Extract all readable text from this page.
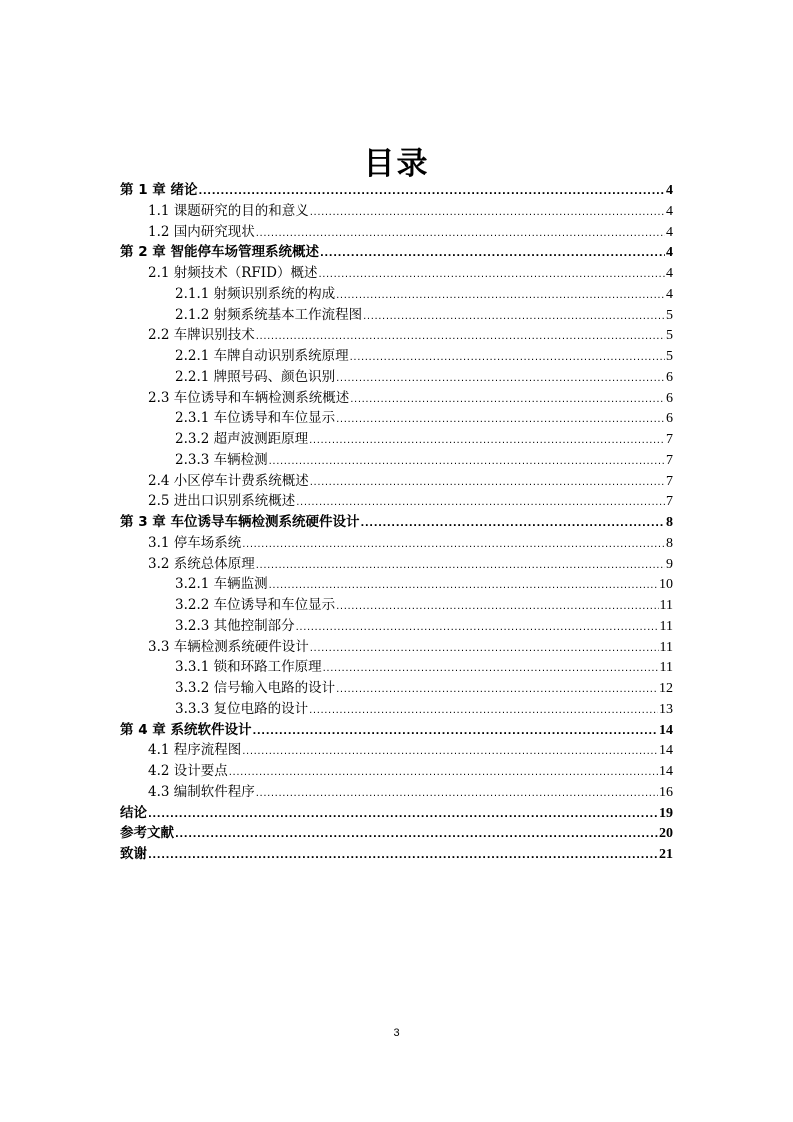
目录
第 1 章 绪论 .....	4
1.1 课题研究的目的和意义 .....	4
1.2 国内研究现状 .....	4
第 2 章 智能停车场管理系统概述 .....	4
2.1 射频技术（RFID）概述 .....	4
2.1.1 射频识别系统的构成 .....	4
2.1.2 射频系统基本工作流程图 .....	5
2.2 车牌识别技术 .....	5
2.2.1 车牌自动识别系统原理 .....	5
2.2.1 牌照号码、颜色识别 .....	6
2.3 车位诱导和车辆检测系统概述 .....	6
2.3.1 车位诱导和车位显示 .....	6
2.3.2 超声波测距原理 .....	7
2.3.3 车辆检测 .....	7
2.4 小区停车计费系统概述 .....	7
2.5 进出口识别系统概述 .....	7
第 3 章 车位诱导车辆检测系统硬件设计 .....	8
3.1 停车场系统 .....	8
3.2 系统总体原理 .....	9
3.2.1 车辆监测 .....	10
3.2.2 车位诱导和车位显示 .....	11
3.2.3 其他控制部分 .....	11
3.3 车辆检测系统硬件设计 .....	11
3.3.1 锁和环路工作原理 .....	11
3.3.2 信号输入电路的设计 .....	12
3.3.3 复位电路的设计 .....	13
第 4 章 系统软件设计 .....	14
4.1 程序流程图 .....	14
4.2 设计要点 .....	14
4.3 编制软件程序 .....	16
结论 .....	19
参考文献 .....	20
致谢 .....	21
3
